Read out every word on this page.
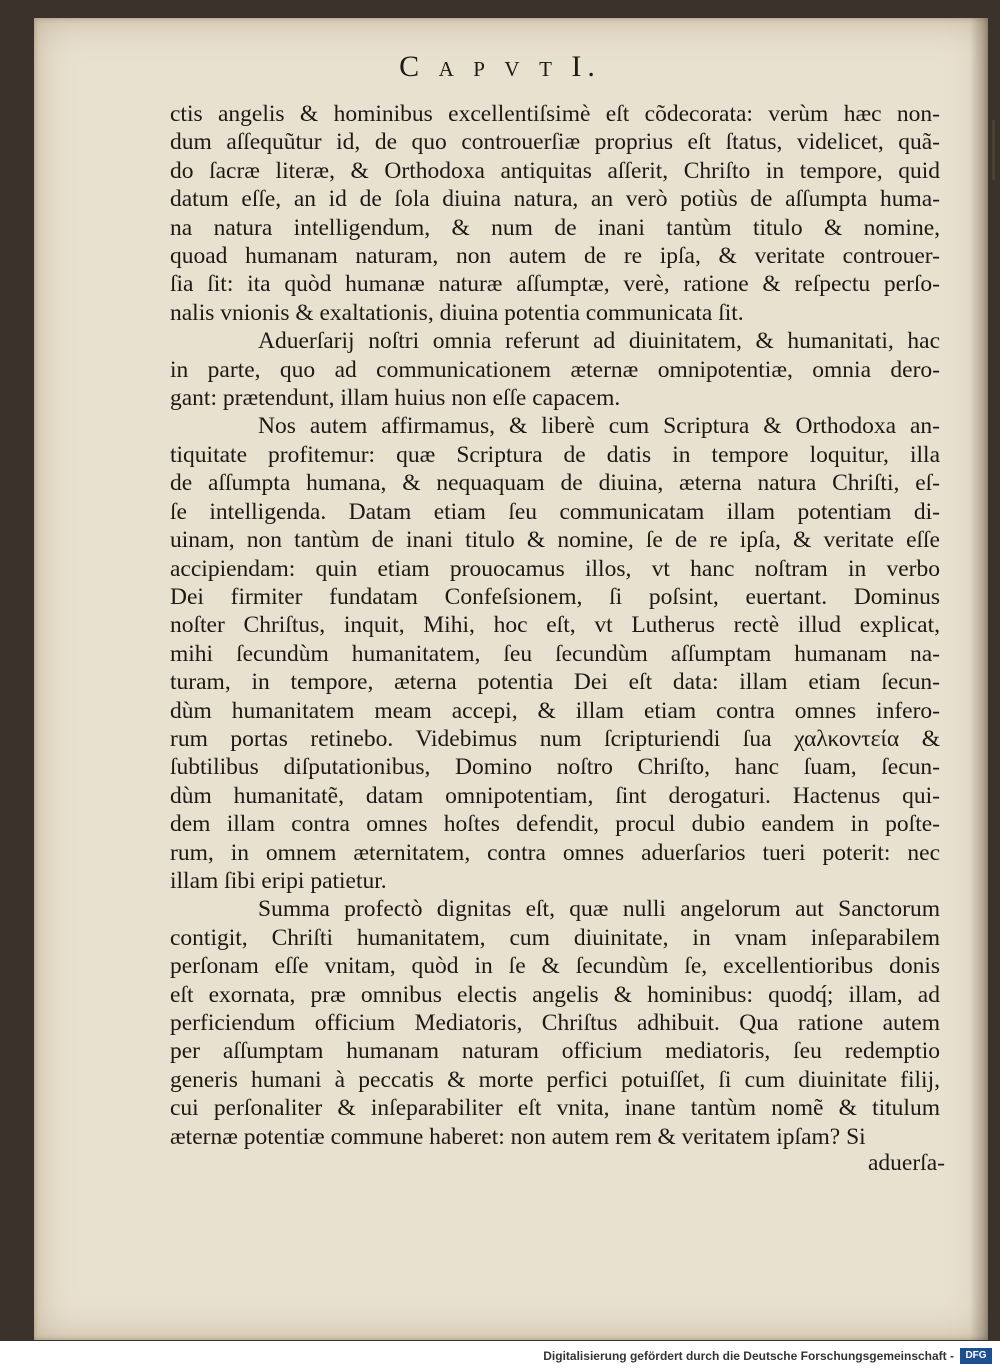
C a p v t I.
ctis angelis & hominibus excellentiſsimè eſt cõdecorata: verùm hæc non-
dum aſſequũtur id, de quo controuerſiæ proprius eſt ſtatus, videlicet, quã-
do ſacræ literæ, & Orthodoxa antiquitas aſſerit, Chriſto in tempore, quid
datum eſſe, an id de ſola diuina natura, an verò potiùs de aſſumpta huma-
na natura intelligendum, & num de inani tantùm titulo & nomine,
quoad humanam naturam, non autem de re ipſa, & veritate controuer-
ſia ſit: ita quòd humanæ naturæ aſſumptæ, verè, ratione & reſpectu perſo-
nalis vnionis & exaltationis, diuina potentia communicata ſit.
Aduerſarij noſtri omnia referunt ad diuinitatem, & humanitati, hac
in parte, quo ad communicationem æternæ omnipotentiæ, omnia dero-
gant: prætendunt, illam huius non eſſe capacem.
Nos autem affirmamus, & liberè cum Scriptura & Orthodoxa an-
tiquitate profitemur: quæ Scriptura de datis in tempore loquitur, illa
de aſſumpta humana, & nequaquam de diuina, æterna natura Chriſti, eſ-
ſe intelligenda. Datam etiam ſeu communicatam illam potentiam di-
uinam, non tantùm de inani titulo & nomine, ſe de re ipſa, & veritate eſſe
accipiendam: quin etiam prouocamus illos, vt hanc noſtram in verbo
Dei firmiter fundatam Confeſsionem, ſi poſsint, euertant. Dominus
noſter Chriſtus, inquit, Mihi, hoc eſt, vt Lutherus rectè illud explicat,
mihi ſecundùm humanitatem, ſeu ſecundùm aſſumptam humanam na-
turam, in tempore, æterna potentia Dei eſt data: illam etiam ſecun-
dùm humanitatem meam accepi, & illam etiam contra omnes infero-
rum portas retinebo. Videbimus num ſcripturiendi ſua χαλκοντεία &
ſubtilibus diſputationibus, Domino noſtro Chriſto, hanc ſuam, ſecun-
dùm humanitatẽ, datam omnipotentiam, ſint derogaturi. Hactenus qui-
dem illam contra omnes hoſtes defendit, procul dubio eandem in poſte-
rum, in omnem æternitatem, contra omnes aduerſarios tueri poterit: nec
illam ſibi eripi patietur.
Summa profectò dignitas eſt, quæ nulli angelorum aut Sanctorum
contigit, Chriſti humanitatem, cum diuinitate, in vnam inſeparabilem
perſonam eſſe vnitam, quòd in ſe & ſecundùm ſe, excellentioribus donis
eſt exornata, præ omnibus electis angelis & hominibus: quodq́; illam, ad
perficiendum officium Mediatoris, Chriſtus adhibuit. Qua ratione autem
per aſſumptam humanam naturam officium mediatoris, ſeu redemptio
generis humani à peccatis & morte perfici potuiſſet, ſi cum diuinitate filij,
cui perſonaliter & inſeparabiliter eſt vnita, inane tantùm nomẽ & titulum
æternæ potentiæ commune haberet: non autem rem & veritatem ipſam? Si
aduerſa-
Digitalisierung gefördert durch die Deutsche Forschungsgemeinschaft -	DFG
